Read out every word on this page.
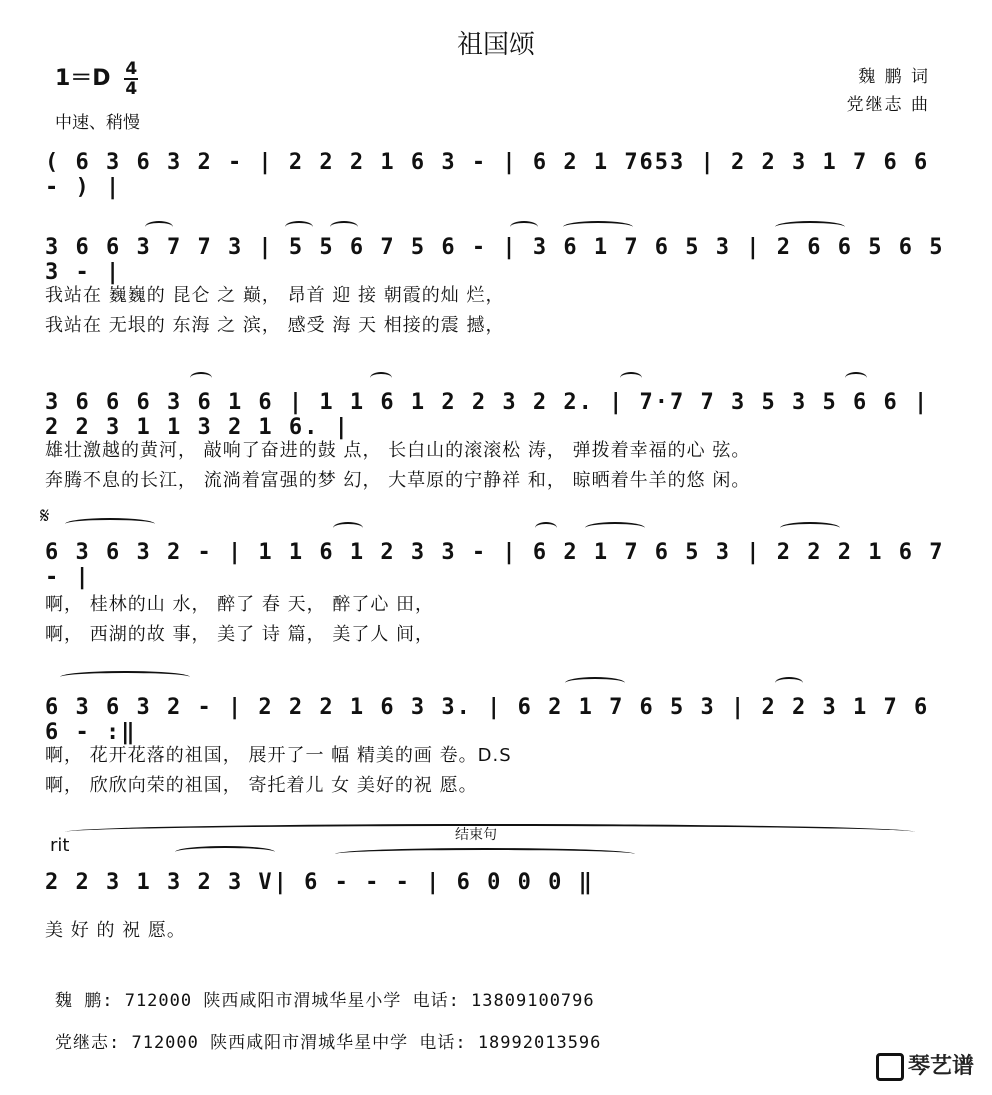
祖国颂
$1=D \frac{4}{4}$
中速、稍慢
魏 鹏 词
党继志 曲
( 6 3 6 3 2 - | 2 2 2 1 6 3 - | 6 2 1 7653 | 2 2 3 1 7 6 6 - ) |
3 6 6 3 7 7 3 | 5 5 6 7 5 6 - | 3 6 1 7 6 5 3 | 2 6 6 5 6 5 3 - |
我站在 巍巍的 昆仑 之 巅， 昂首 迎 接 朝霞的灿 烂，
我站在 无垠的 东海 之 滨， 感受 海 天 相接的震 撼，
3 6 6 6 3 6 1 6 | 1 1 6 1 2 2 3 2 2. | 7·7 7 3 5 3 5 6 6 | 2 2 3 1 1 3 2 1 6. |
雄壮激越的黄河， 敲响了奋进的鼓 点， 长白山的滚滚松 涛， 弹拨着幸福的心 弦。
奔腾不息的长江， 流淌着富强的梦 幻， 大草原的宁静祥 和， 晾晒着牛羊的悠 闲。
𝄋
6 3 6 3 2 - | 1 1 6 1 2 3 3 - | 6 2 1 7 6 5 3 | 2 2 2 1 6 7 - |
啊， 桂林的山 水， 醉了 春 天， 醉了心 田，
啊， 西湖的故 事， 美了 诗 篇， 美了人 间，
6 3 6 3 2 - | 2 2 2 1 6 3 3. | 6 2 1 7 6 5 3 | 2 2 3 1 7 6 6 - :‖
啊， 花开花落的祖国， 展开了一 幅 精美的画 卷。D.S
啊， 欣欣向荣的祖国， 寄托着儿 女 美好的祝 愿。
rit	结束句
2 2 3 1 3 2 3 V| 6 - - - | 6 0 0 0 ‖
美 好 的 祝 愿。
魏 鹏: 712000 陕西咸阳市渭城华星小学 电话: 13809100796
党继志: 712000 陕西咸阳市渭城华星中学 电话: 18992013596
琴艺谱
